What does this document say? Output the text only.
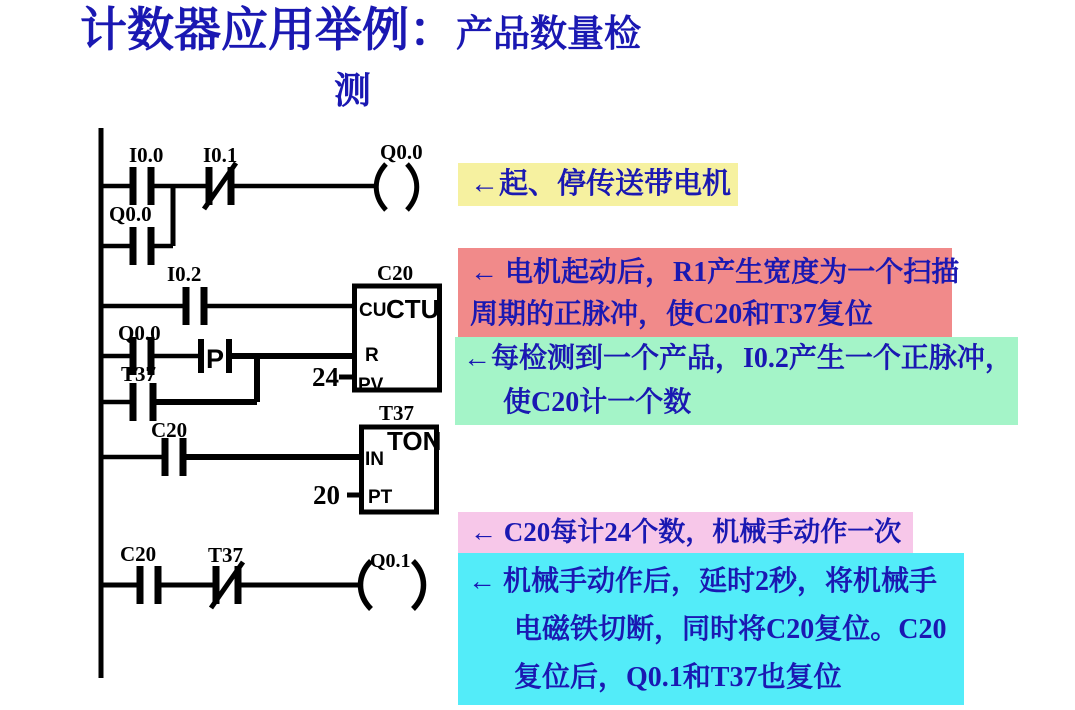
计数器应用举例：产品数量检
测
I0.0 I0.1	Q0.0
Q0.0
I0.2
Q0.0
P
T37
C20
CU CTU
R
PV
24
C20
T37
TON
IN
PT
20
C20 T37	Q0.1
←起、停传送带电机
← 电机起动后，R1产生宽度为一个扫描
周期的正脉冲，使C20和T37复位
←每检测到一个产品，I0.2产生一个正脉冲，
使C20计一个数
← C20每计24个数，机械手动作一次
← 机械手动作后，延时2秒，将机械手
电磁铁切断，同时将C20复位。C20
复位后，Q0.1和T37也复位
